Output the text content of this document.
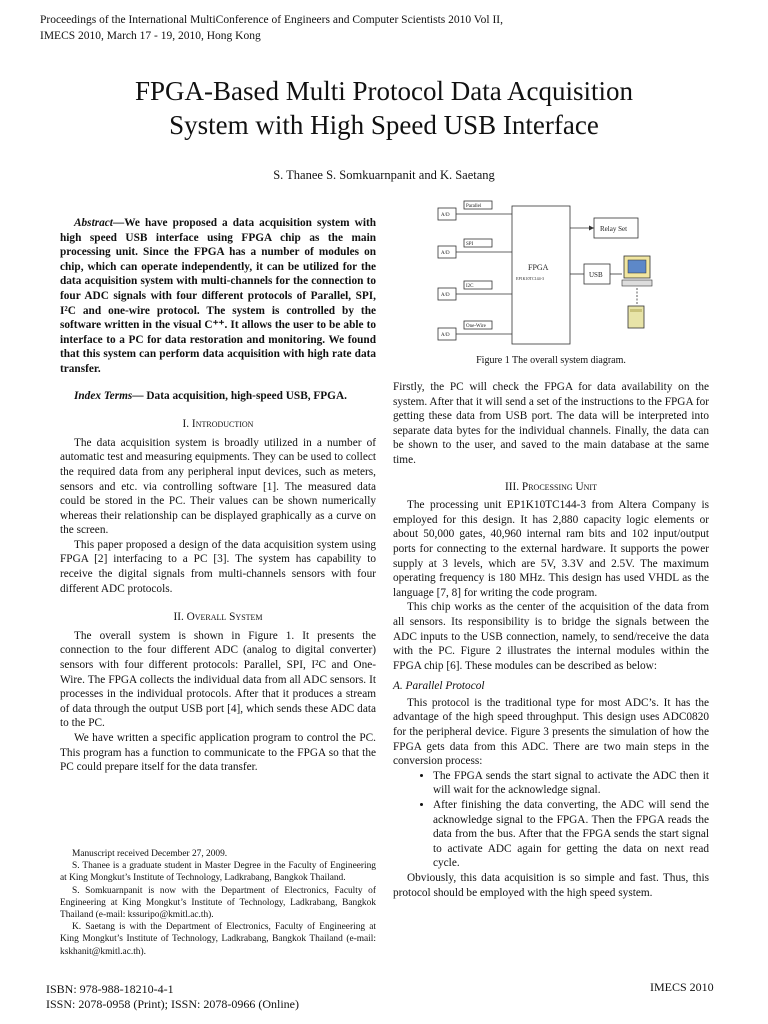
Proceedings of the International MultiConference of Engineers and Computer Scientists 2010 Vol II,
IMECS 2010, March 17 - 19, 2010, Hong Kong
FPGA-Based Multi Protocol Data Acquisition
System with High Speed USB Interface
S. Thanee S. Somkuarnpanit and K. Saetang

Abstract—We have proposed a data acquisition system with high speed USB interface using FPGA chip as the main processing unit. Since the FPGA has a number of modules on chip, which can operate independently, it can be utilized for the data acquisition system with multi-channels for the connection to four ADC signals with four different protocols of Parallel, SPI, I²C and one-wire protocol. The system is controlled by the software written in the visual C⁺⁺. It allows the user to be able to interface to a PC for data restoration and monitoring. We found that this system can perform data acquisition with high rate data transfer.

Index Terms— Data acquisition, high-speed USB, FPGA.

I. Introduction

The data acquisition system is broadly utilized in a number of automatic test and measuring equipments. They can be used to collect the required data from any peripheral input devices, such as meters, sensors and etc. via controlling software [1]. The measured data could be stored in the PC. Their values can be shown numerically whereas their relationship can be displayed graphically as a curve on the screen.

This paper proposed a design of the data acquisition system using FPGA [2] interfacing to a PC [3]. The system has capability to receive the digital signals from multi-channels sensors with four different ADC protocols.

II. Overall System

The overall system is shown in Figure 1. It presents the connection to the four different ADC (analog to digital converter) sensors with four different protocols: Parallel, SPI, I²C and One-Wire. The FPGA collects the individual data from all ADC sensors. It processes in the individual protocols. After that it produces a stream of data through the output USB port [4], which sends these ADC data to the PC.

We have written a specific application program to control the PC. This program has a function to communicate to the FPGA so that the PC could prepare itself for the data transfer.

A/D
A/D
A/D
A/D
Parallel
SPI
I2C
One-Wire
FPGA
EP1K10TC144-3
Relay Set
USB
Figure 1 The overall system diagram.

Firstly, the PC will check the FPGA for data availability on the system. After that it will send a set of the instructions to the FPGA for getting these data from USB port. The data will be interpreted into separate data bytes for the individual channels. Finally, the data can be shown to the user, and saved to the main database at the same time.

III. Processing Unit

The processing unit EP1K10TC144-3 from Altera Company is employed for this design. It has 2,880 capacity logic elements or about 50,000 gates, 40,960 internal ram bits and 102 input/output ports for connecting to the external hardware. It supports the power supply at 3 levels, which are 5V, 3.3V and 2.5V. The maximum operating frequency is 180 MHz. This design has used VHDL as the language [7, 8] for writing the code program.

This chip works as the center of the acquisition of the data from all sensors. Its responsibility is to bridge the signals between the ADC inputs to the USB connection, namely, to send/receive the data with the PC. Figure 2 illustrates the internal modules within the FPGA chip [6]. These modules can be described as below:

A. Parallel Protocol

This protocol is the traditional type for most ADC’s. It has the advantage of the high speed throughput. This design uses ADC0820 for the peripheral device. Figure 3 presents the simulation of how the FPGA gets data from this ADC. There are two main steps in the conversion process:

• The FPGA sends the start signal to activate the ADC then it will wait for the acknowledge signal.
• After finishing the data converting, the ADC will send the acknowledge signal to the FPGA. Then the FPGA reads the data from the bus. After that the FPGA sends the start signal to activate ADC again for getting the data on next read cycle.

Obviously, this data acquisition is so simple and fast. Thus, this protocol should be employed with the high speed system.

Manuscript received December 27, 2009.

S. Thanee is a graduate student in Master Degree in the Faculty of Engineering at King Mongkut’s Institute of Technology, Ladkrabang, Bangkok Thailand.

S. Somkuarnpanit is now with the Department of Electronics, Faculty of Engineering at King Mongkut’s Institute of Technology, Ladkrabang, Bangkok Thailand (e-mail: kssuripo@kmitl.ac.th).

K. Saetang is with the Department of Electronics, Faculty of Engineering at King Mongkut’s Institute of Technology, Ladkrabang, Bangkok Thailand (e-mail: kskhanit@kmitl.ac.th).

ISBN: 978-988-18210-4-1
ISSN: 2078-0958 (Print); ISSN: 2078-0966 (Online)
IMECS 2010
